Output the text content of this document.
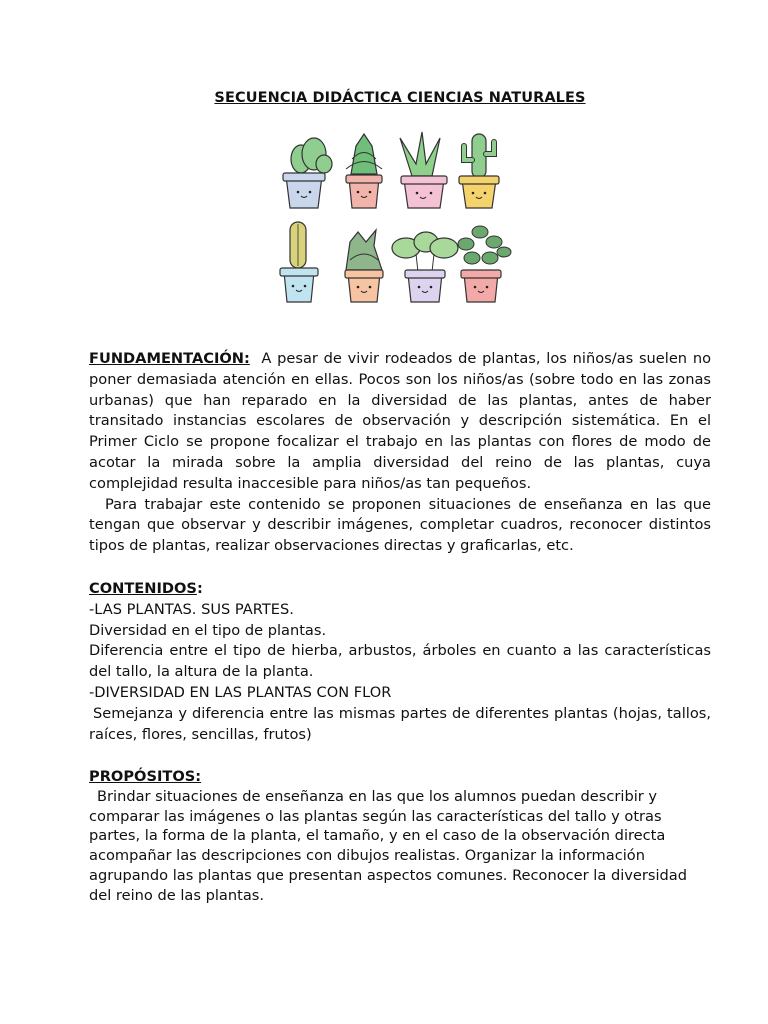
SECUENCIA DIDÁCTICA CIENCIAS NATURALES

FUNDAMENTACIÓN: A pesar de vivir rodeados de plantas, los niños/as suelen no poner demasiada atención en ellas. Pocos son los niños/as (sobre todo en las zonas urbanas) que han reparado en la diversidad de las plantas, antes de haber transitado instancias escolares de observación y descripción sistemática. En el Primer Ciclo se propone focalizar el trabajo en las plantas con flores de modo de acotar la mirada sobre la amplia diversidad del reino de las plantas, cuya complejidad resulta inaccesible para niños/as tan pequeños.

Para trabajar este contenido se proponen situaciones de enseñanza en las que tengan que observar y describir imágenes, completar cuadros, reconocer distintos tipos de plantas, realizar observaciones directas y graficarlas, etc.

CONTENIDOS:

-LAS PLANTAS. SUS PARTES.

Diversidad en el tipo de plantas.

Diferencia entre el tipo de hierba, arbustos, árboles en cuanto a las características del tallo, la altura de la planta.

-DIVERSIDAD EN LAS PLANTAS CON FLOR

Semejanza y diferencia entre las mismas partes de diferentes plantas (hojas, tallos, raíces, flores, sencillas, frutos)

PROPÓSITOS:

Brindar situaciones de enseñanza en las que los alumnos puedan describir y comparar las imágenes o las plantas según las características del tallo y otras partes, la forma de la planta, el tamaño, y en el caso de la observación directa acompañar las descripciones con dibujos realistas. Organizar la información agrupando las plantas que presentan aspectos comunes. Reconocer la diversidad del reino de las plantas.
